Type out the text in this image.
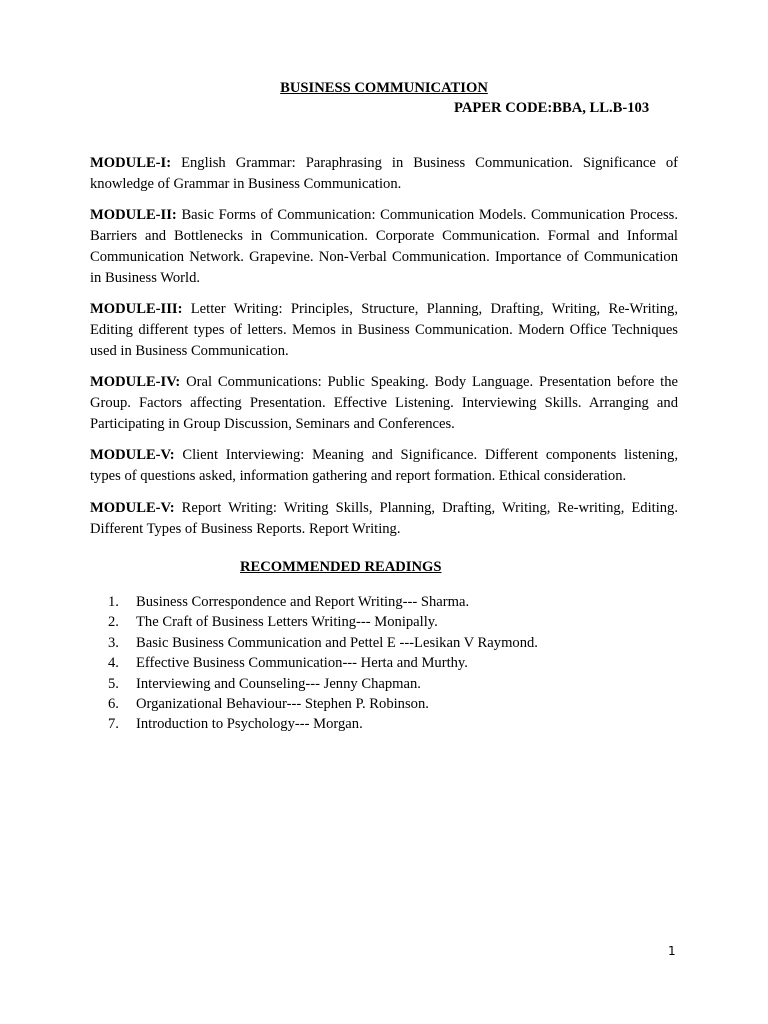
BUSINESS COMMUNICATION
PAPER CODE:BBA, LL.B-103

MODULE-I: English Grammar: Paraphrasing in Business Communication. Significance of knowledge of Grammar in Business Communication.

MODULE-II: Basic Forms of Communication: Communication Models. Communication Process. Barriers and Bottlenecks in Communication. Corporate Communication. Formal and Informal Communication Network. Grapevine. Non-Verbal Communication. Importance of Communication in Business World.

MODULE-III: Letter Writing: Principles, Structure, Planning, Drafting, Writing, Re-Writing, Editing different types of letters. Memos in Business Communication. Modern Office Techniques used in Business Communication.

MODULE-IV: Oral Communications: Public Speaking. Body Language. Presentation before the Group. Factors affecting Presentation. Effective Listening. Interviewing Skills. Arranging and Participating in Group Discussion, Seminars and Conferences.

MODULE-V: Client Interviewing: Meaning and Significance. Different components listening, types of questions asked, information gathering and report formation. Ethical consideration.

MODULE-V: Report Writing: Writing Skills, Planning, Drafting, Writing, Re-writing, Editing. Different Types of Business Reports. Report Writing.

RECOMMENDED READINGS
1. Business Correspondence and Report Writing--- Sharma.
2. The Craft of Business Letters Writing--- Monipally.
3. Basic Business Communication and Pettel E ---Lesikan V Raymond.
4. Effective Business Communication--- Herta and Murthy.
5. Interviewing and Counseling--- Jenny Chapman.
6. Organizational Behaviour--- Stephen P. Robinson.
7. Introduction to Psychology--- Morgan.
1
